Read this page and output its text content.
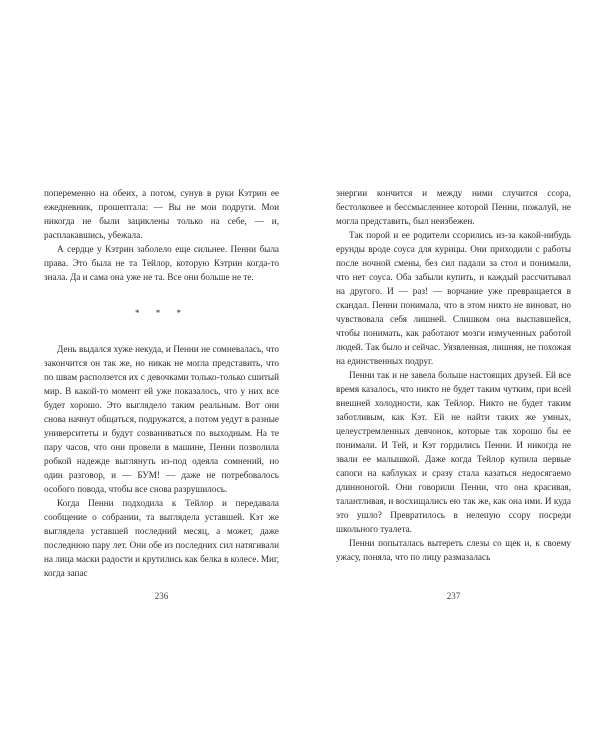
попеременно на обеих, а потом, сунув в руки Кэтрин ее ежедневник, прошептала: — Вы не мои подруги. Мои никогда не были зациклены только на себе, — и, расплакавшись, убежала.

А сердце у Кэтрин заболело еще сильнее. Пенни была права. Это была не та Тейлор, которую Кэтрин когда-то знала. Да и сама она уже не та. Все они больше не те.

* * *

День выдался хуже некуда, и Пенни не сомневалась, что закончится он так же, но никак не могла представить, что по швам расползется их с девочками только-только сшитый мир. В какой-то момент ей уже показалось, что у них все будет хорошо. Это выглядело таким реальным. Вот они снова начнут общаться, подружатся, а потом уедут в разные университеты и будут созваниваться по выходным. На те пару часов, что они провели в машине, Пенни позволила робкой надежде выглянуть из-под одеяла сомнений, но один разговор, и — БУМ! — даже не потребовалось особого повода, чтобы все снова разрушилось.

Когда Пенни подходила к Тейлор и передавала сообщение о собрании, та выглядела уставшей. Кэт же выглядела уставшей последний месяц, а может, даже последнюю пару лет. Они обе из последних сил натягивали на лица маски радости и крутились как белка в колесе. Миг, когда запас

236

энергии кончится и между ними случится ссора, бестолковее и бессмысленнее которой Пенни, пожалуй, не могла представить, был неизбежен.

Так порой и ее родители ссорились из-за какой-нибудь ерунды вроде соуса для курицы. Они приходили с работы после ночной смены, без сил падали за стол и понимали, что нет соуса. Оба забыли купить, и каждый рассчитывал на другого. И — раз! — ворчание уже превращается в скандал. Пенни понимала, что в этом никто не виноват, но чувствовала себя лишней. Слишком она выспавшейся, чтобы понимать, как работают мозги измученных работой людей. Так было и сейчас. Уязвленная, лишняя, не похожая на единственных подруг.

Пенни так и не завела больше настоящих друзей. Ей все время казалось, что никто не будет таким чутким, при всей внешней холодности, как Тейлор. Никто не будет таким заботливым, как Кэт. Ей не найти таких же умных, целеустремленных девчонок, которые так хорошо бы ее понимали. И Тей, и Кэт гордились Пенни. И никогда не звали ее малышкой. Даже когда Тейлор купила первые сапоги на каблуках и сразу стала казаться недосягаемо длинноногой. Они говорили Пенни, что она красивая, талантливая, и восхищались ею так же, как она ими. И куда это ушло? Превратилось в нелепую ссору посреди школьного туалета.

Пенни попыталась вытереть слезы со щек и, к своему ужасу, поняла, что по лицу размазалась

237
